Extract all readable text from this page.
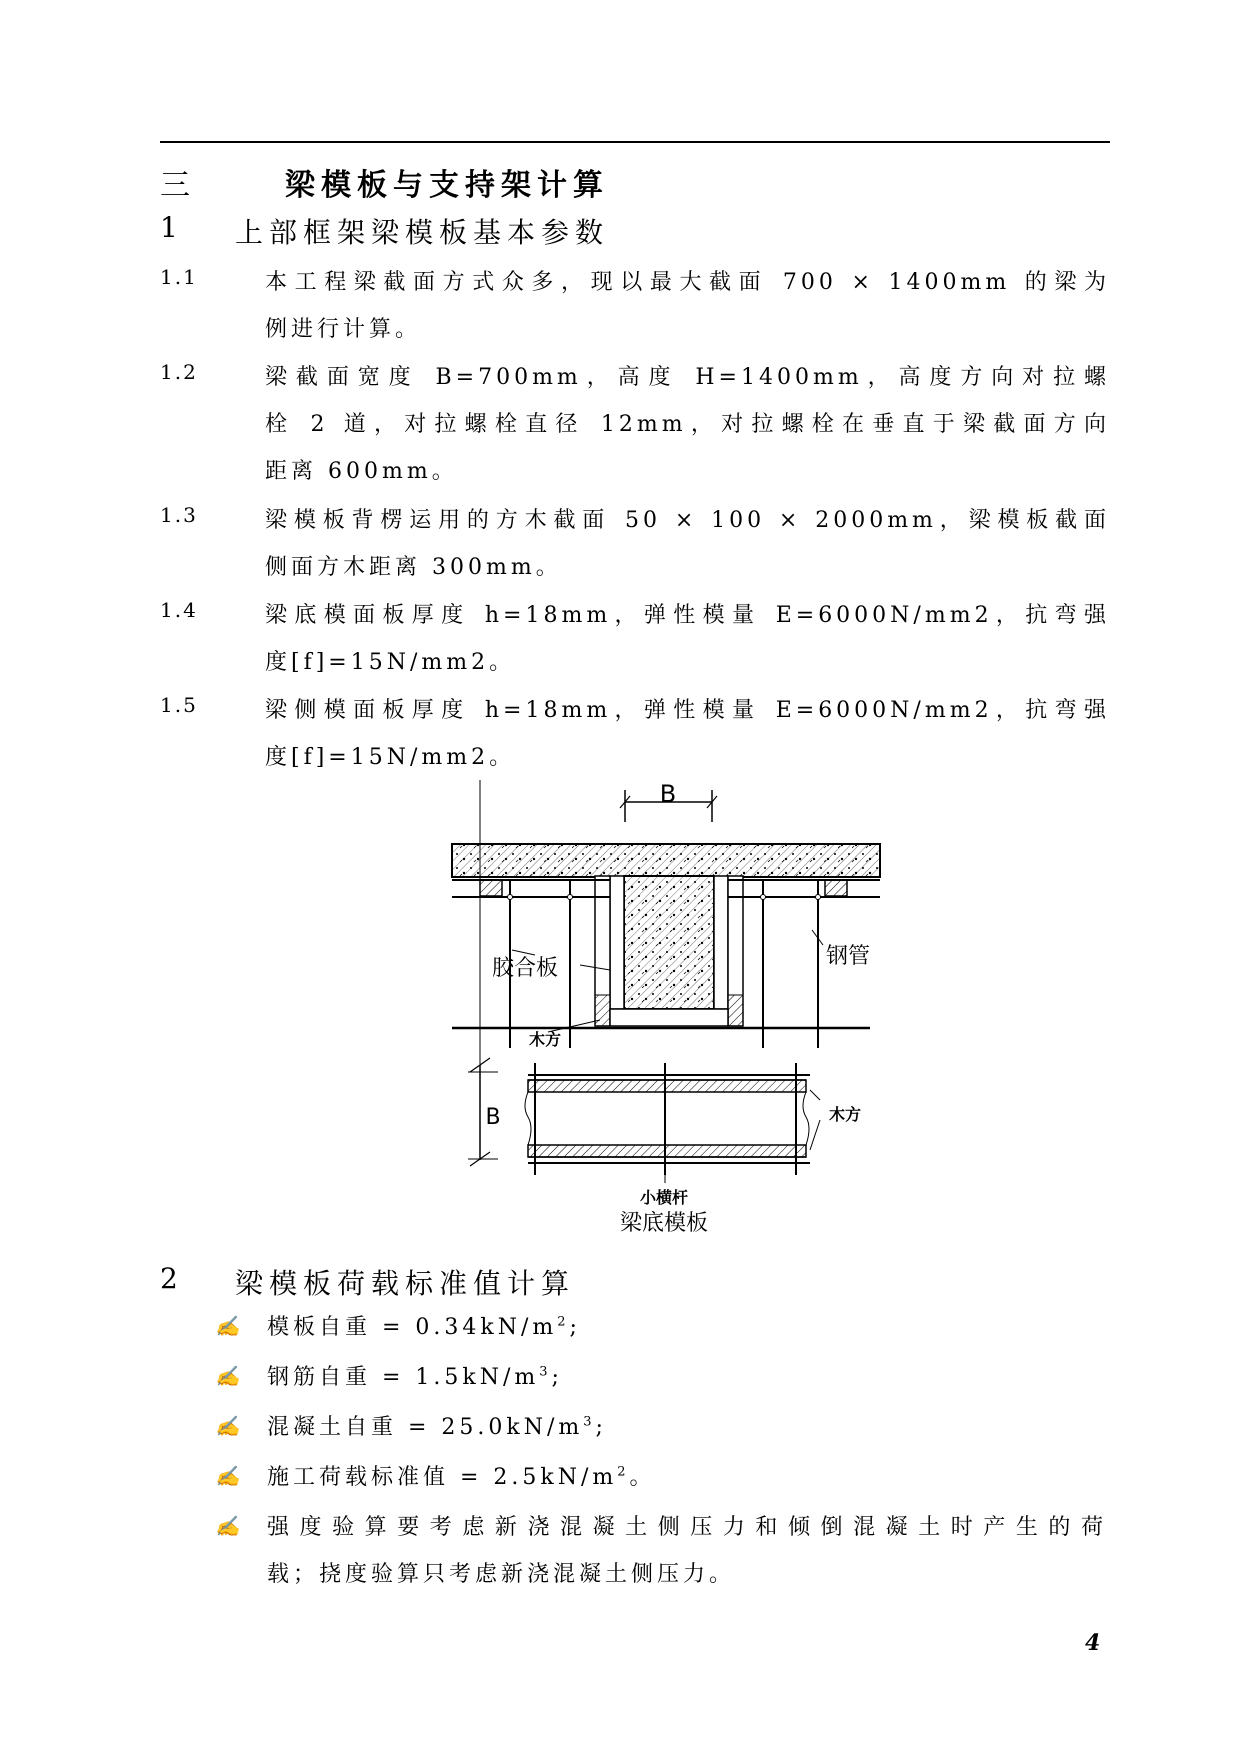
三	梁模板与支持架计算
1 上部框架梁模板基本参数
1.1	本工程梁截面方式众多，现以最大截面 700 × 1400mm 的梁为
例进行计算。
1.2	梁截面宽度 B=700mm，高度 H=1400mm，高度方向对拉螺
栓 2 道，对拉螺栓直径 12mm，对拉螺栓在垂直于梁截面方向
距离 600mm。
1.3	梁模板背楞运用的方木截面 50 × 100 × 2000mm，梁模板截面
侧面方木距离 300mm。
1.4	梁底模面板厚度 h=18mm，弹性模量 E=6000N/mm2，抗弯强
度[f]=15N/mm2。
1.5	梁侧模面板厚度 h=18mm，弹性模量 E=6000N/mm2，抗弯强
度[f]=15N/mm2。
B
胶合板	钢管
木方
B	木方
小横杆
梁底模板
2 梁模板荷载标准值计算
✍ 模板自重 = $0.34kN/m^2$;
✍ 钢筋自重 = $1.5kN/m^3$;
✍ 混凝土自重 = $25.0kN/m^3$;
✍ 施工荷载标准值 = $2.5kN/m^2$。
✍ 强度验算要考虑新浇混凝土侧压力和倾倒混凝土时产生的荷
载；挠度验算只考虑新浇混凝土侧压力。
4
